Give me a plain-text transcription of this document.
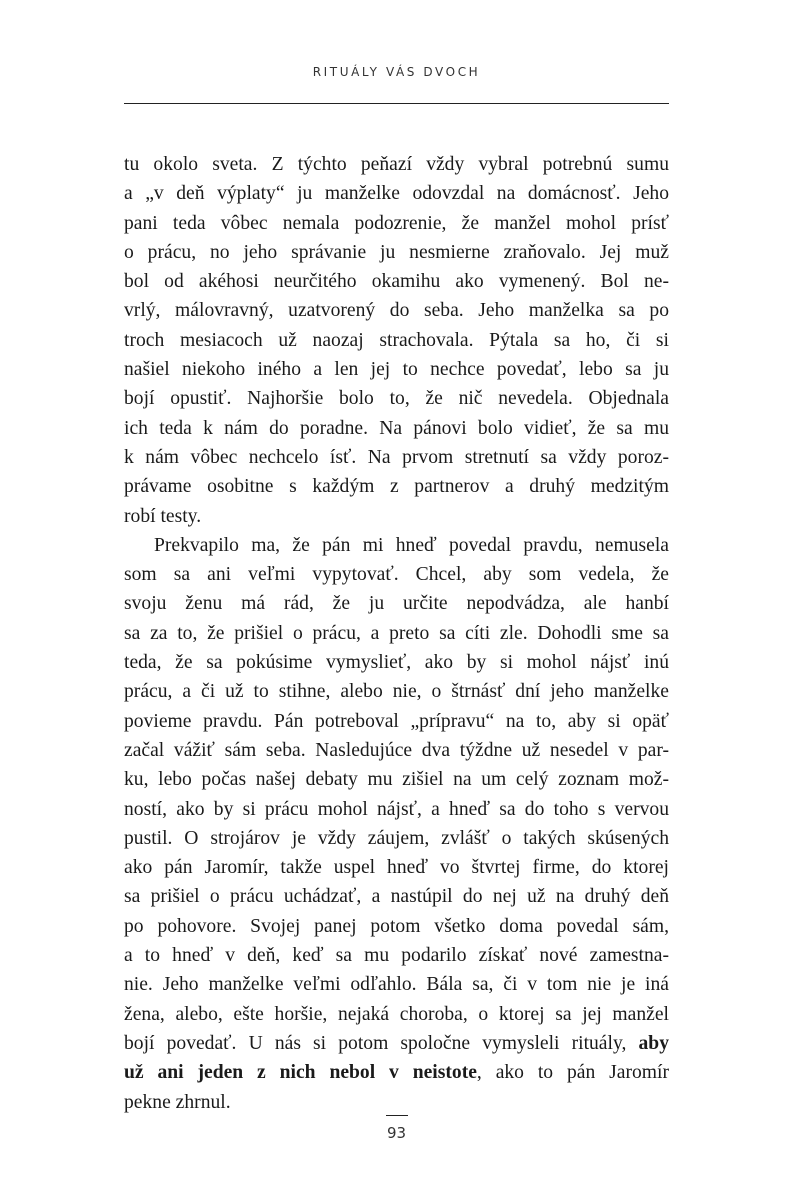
RITUÁLY VÁS DVOCH
tu okolo sveta. Z týchto peňazí vždy vybral potrebnú sumu
a „v deň výplaty“ ju manželke odovzdal na domácnosť. Jeho
pani teda vôbec nemala podozrenie, že manžel mohol prísť
o prácu, no jeho správanie ju nesmierne zraňovalo. Jej muž
bol od akéhosi neurčitého okamihu ako vymenený. Bol ne-
vrlý, málovravný, uzatvorený do seba. Jeho manželka sa po
troch mesiacoch už naozaj strachovala. Pýtala sa ho, či si
našiel niekoho iného a len jej to nechce povedať, lebo sa ju
bojí opustiť. Najhoršie bolo to, že nič nevedela. Objednala
ich teda k nám do poradne. Na pánovi bolo vidieť, že sa mu
k nám vôbec nechcelo ísť. Na prvom stretnutí sa vždy poroz-
právame osobitne s každým z partnerov a druhý medzitým
robí testy.
Prekvapilo ma, že pán mi hneď povedal pravdu, nemusela
som sa ani veľmi vypytovať. Chcel, aby som vedela, že
svoju ženu má rád, že ju určite nepodvádza, ale hanbí
sa za to, že prišiel o prácu, a preto sa cíti zle. Dohodli sme sa
teda, že sa pokúsime vymyslieť, ako by si mohol nájsť inú
prácu, a či už to stihne, alebo nie, o štrnásť dní jeho manželke
povieme pravdu. Pán potreboval „prípravu“ na to, aby si opäť
začal vážiť sám seba. Nasledujúce dva týždne už nesedel v par-
ku, lebo počas našej debaty mu zišiel na um celý zoznam mož-
ností, ako by si prácu mohol nájsť, a hneď sa do toho s vervou
pustil. O strojárov je vždy záujem, zvlášť o takých skúsených
ako pán Jaromír, takže uspel hneď vo štvrtej firme, do ktorej
sa prišiel o prácu uchádzať, a nastúpil do nej už na druhý deň
po pohovore. Svojej panej potom všetko doma povedal sám,
a to hneď v deň, keď sa mu podarilo získať nové zamestna-
nie. Jeho manželke veľmi odľahlo. Bála sa, či v tom nie je iná
žena, alebo, ešte horšie, nejaká choroba, o ktorej sa jej manžel
bojí povedať. U nás si potom spoločne vymysleli rituály, aby
už ani jeden z nich nebol v neistote, ako to pán Jaromír
pekne zhrnul.
93
